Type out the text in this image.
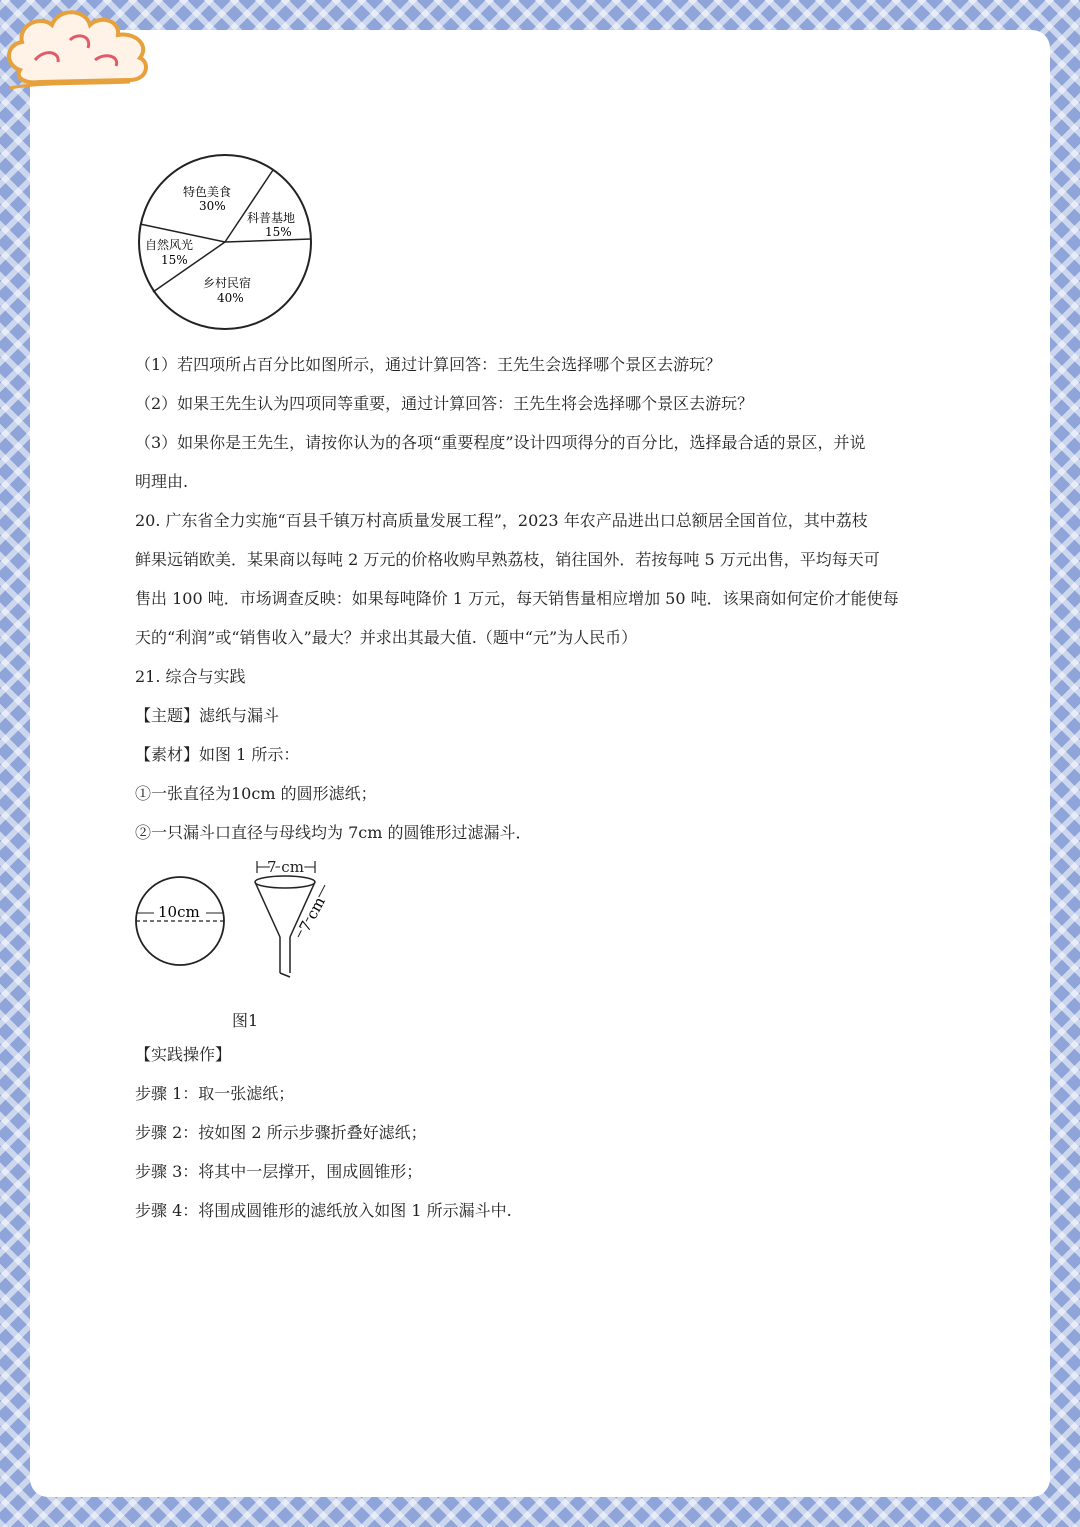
特色美食
30%
科普基地
15%
自然风光
15%
乡村民宿
40%
（1）若四项所占百分比如图所示，通过计算回答：王先生会选择哪个景区去游玩？
（2）如果王先生认为四项同等重要，通过计算回答：王先生将会选择哪个景区去游玩？
（3）如果你是王先生，请按你认为的各项“重要程度”设计四项得分的百分比，选择最合适的景区，并说
明理由.
20. 广东省全力实施“百县千镇万村高质量发展工程”，2023 年农产品进出口总额居全国首位，其中荔枝
鲜果远销欧美．某果商以每吨 2 万元的价格收购早熟荔枝，销往国外．若按每吨 5 万元出售，平均每天可
售出 100 吨．市场调查反映：如果每吨降价 1 万元，每天销售量相应增加 50 吨．该果商如何定价才能使每
天的“利润”或“销售收入”最大？并求出其最大值.（题中“元”为人民币）
21. 综合与实践
【主题】滤纸与漏斗
【素材】如图 1 所示：
①一张直径为10cm 的圆形滤纸；
②一只漏斗口直径与母线均为 7cm 的圆锥形过滤漏斗．
10cm
7 cm
7 cm
图1
【实践操作】
步骤 1：取一张滤纸；
步骤 2：按如图 2 所示步骤折叠好滤纸；
步骤 3：将其中一层撑开，围成圆锥形；
步骤 4：将围成圆锥形的滤纸放入如图 1 所示漏斗中.
